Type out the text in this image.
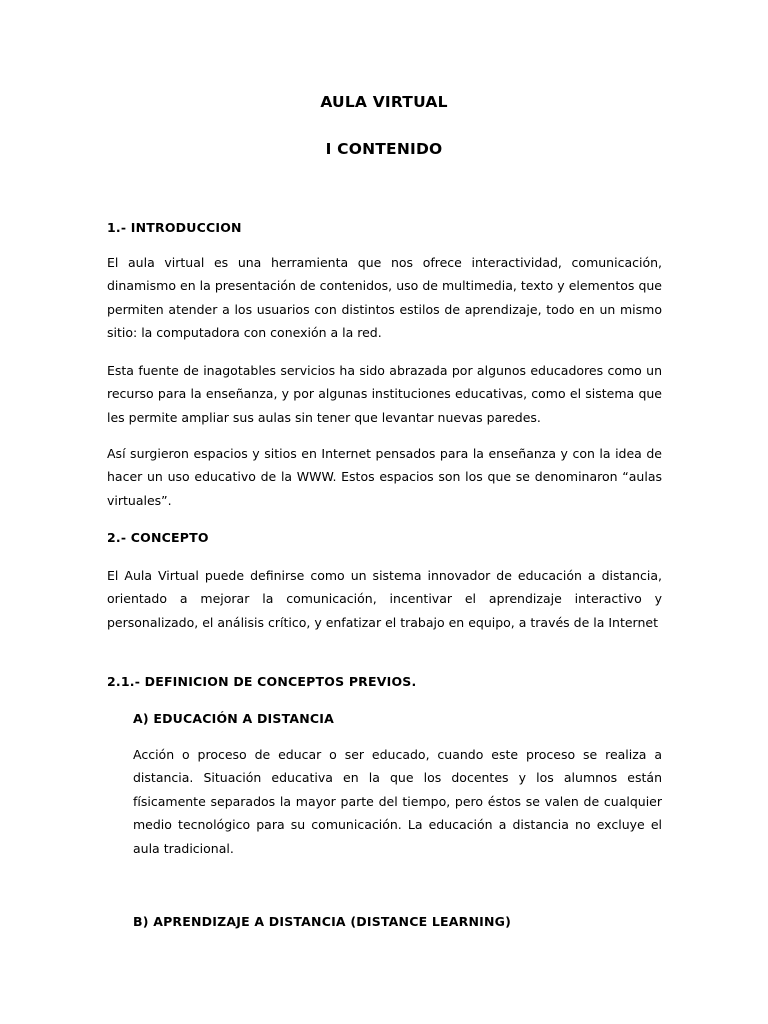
AULA VIRTUAL
I CONTENIDO
1.- INTRODUCCION

El aula virtual es una herramienta que nos ofrece interactividad, comunicación, dinamismo en la presentación de contenidos, uso de multimedia, texto y elementos que permiten atender a los usuarios con distintos estilos de aprendizaje, todo en un mismo sitio: la computadora con conexión a la red.

Esta fuente de inagotables servicios ha sido abrazada por algunos educadores como un recurso para la enseñanza, y por algunas instituciones educativas, como el sistema que les permite ampliar sus aulas sin tener que levantar nuevas paredes.

Así surgieron espacios y sitios en Internet pensados para la enseñanza y con la idea de hacer un uso educativo de la WWW. Estos espacios son los que se denominaron “aulas virtuales”.

2.- CONCEPTO

El Aula Virtual puede definirse como un sistema innovador de educación a distancia, orientado a mejorar la comunicación, incentivar el aprendizaje interactivo y personalizado, el análisis crítico, y enfatizar el trabajo en equipo, a través de la Internet

2.1.- DEFINICION DE CONCEPTOS PREVIOS.
A) EDUCACIÓN A DISTANCIA

Acción o proceso de educar o ser educado, cuando este proceso se realiza a distancia. Situación educativa en la que los docentes y los alumnos están físicamente separados la mayor parte del tiempo, pero éstos se valen de cualquier medio tecnológico para su comunicación. La educación a distancia no excluye el aula tradicional.

B) APRENDIZAJE A DISTANCIA (DISTANCE LEARNING)
